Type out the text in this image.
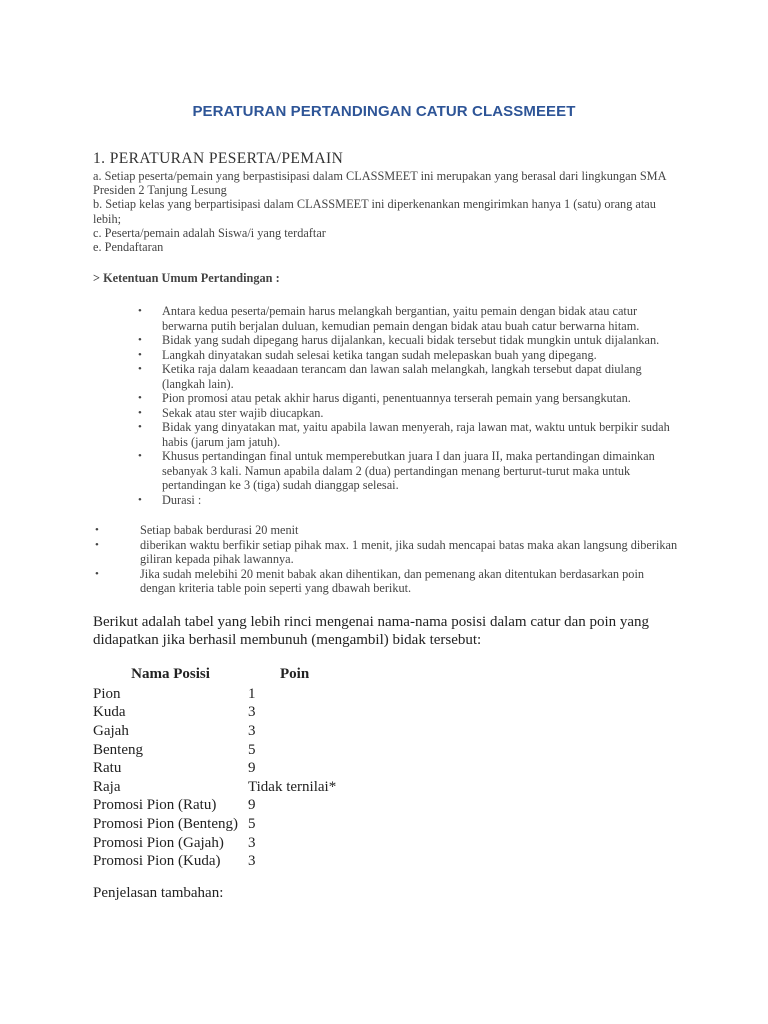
PERATURAN PERTANDINGAN CATUR CLASSMEEET
1. PERATURAN PESERTA/PEMAIN

a. Setiap peserta/pemain yang berpastisipasi dalam CLASSMEET ini merupakan yang berasal dari lingkungan SMA Presiden 2 Tanjung Lesung

b. Setiap kelas yang berpartisipasi dalam CLASSMEET ini diperkenankan mengirimkan hanya 1 (satu) orang atau lebih;

c. Peserta/pemain adalah Siswa/i yang terdaftar

e. Pendaftaran

> Ketentuan Umum Pertandingan :
• Antara kedua peserta/pemain harus melangkah bergantian, yaitu pemain dengan bidak atau catur berwarna putih berjalan duluan, kemudian pemain dengan bidak atau buah catur berwarna hitam.
• Bidak yang sudah dipegang harus dijalankan, kecuali bidak tersebut tidak mungkin untuk dijalankan.
• Langkah dinyatakan sudah selesai ketika tangan sudah melepaskan buah yang dipegang.
• Ketika raja dalam keaadaan terancam dan lawan salah melangkah, langkah tersebut dapat diulang (langkah lain).
• Pion promosi atau petak akhir harus diganti, penentuannya terserah pemain yang bersangkutan.
• Sekak atau ster wajib diucapkan.
• Bidak yang dinyatakan mat, yaitu apabila lawan menyerah, raja lawan mat, waktu untuk berpikir sudah habis (jarum jam jatuh).
• Khusus pertandingan final untuk memperebutkan juara I dan juara II, maka pertandingan dimainkan sebanyak 3 kali. Namun apabila dalam 2 (dua) pertandingan menang berturut-turut maka untuk pertandingan ke 3 (tiga) sudah dianggap selesai.
• Durasi :
• Setiap babak berdurasi 20 menit
• diberikan waktu berfikir setiap pihak max. 1 menit, jika sudah mencapai batas maka akan langsung diberikan giliran kepada pihak lawannya.
• Jika sudah melebihi 20 menit babak akan dihentikan, dan pemenang akan ditentukan berdasarkan poin dengan kriteria table poin seperti yang dbawah berikut.
Berikut adalah tabel yang lebih rinci mengenai nama-nama posisi dalam catur dan poin yang didapatkan jika berhasil membunuh (mengambil) bidak tersebut:
Nama Posisi	Poin
Pion	1
Kuda	3
Gajah	3
Benteng	5
Ratu	9
Raja	Tidak ternilai*
Promosi Pion (Ratu)	9
Promosi Pion (Benteng)	5
Promosi Pion (Gajah)	3
Promosi Pion (Kuda)	3
Penjelasan tambahan:
